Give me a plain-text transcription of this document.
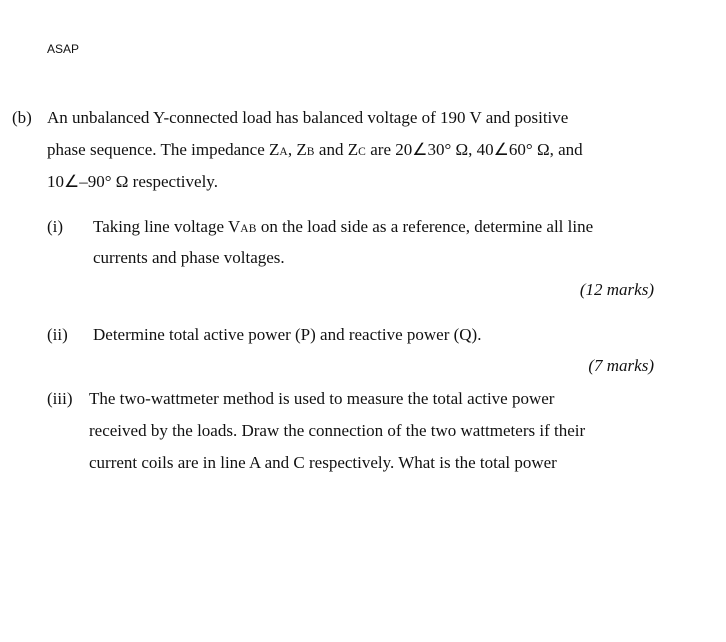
ASAP
(b) An unbalanced Y-connected load has balanced voltage of 190 V and positive
phase sequence. The impedance ZA, ZB and ZC are 20∠30° Ω, 40∠60° Ω, and
10∠–90° Ω respectively.
(i) Taking line voltage VAB on the load side as a reference, determine all line
currents and phase voltages.
(12 marks)
(ii) Determine total active power (P) and reactive power (Q).
(7 marks)
(iii) The two-wattmeter method is used to measure the total active power
received by the loads. Draw the connection of the two wattmeters if their
current coils are in line A and C respectively. What is the total power
